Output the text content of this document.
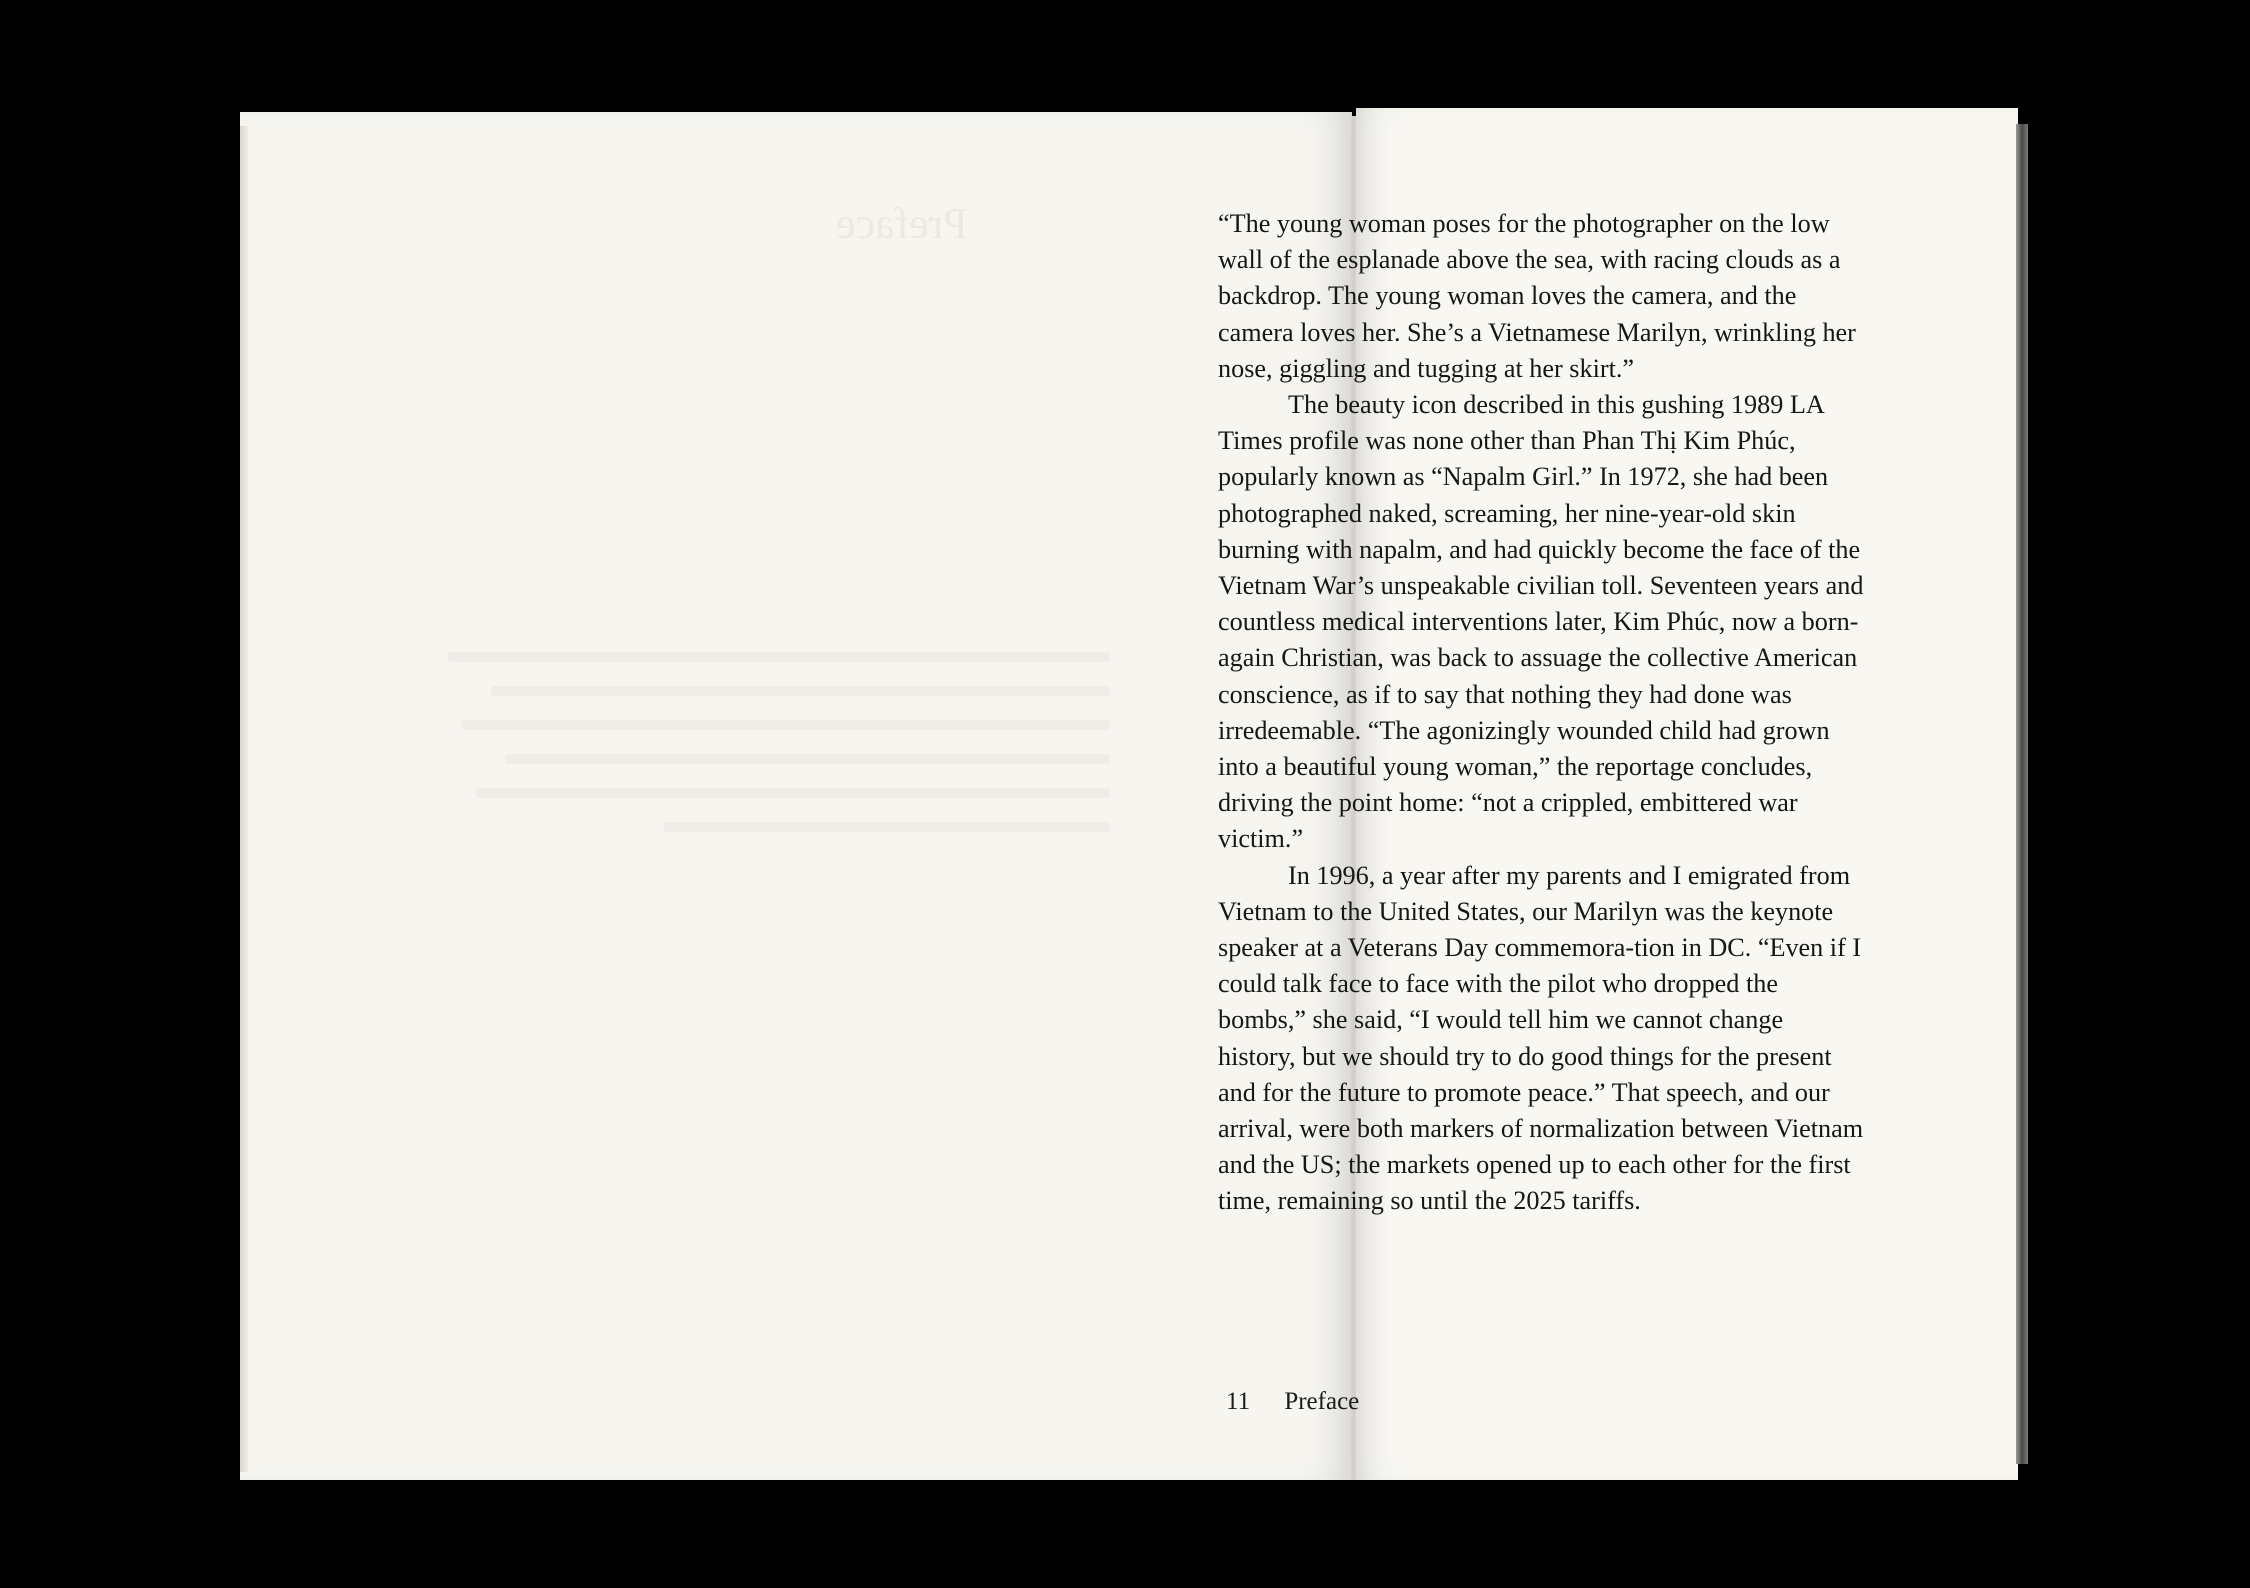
Preface	“The young woman poses for the photographer on the low wall of the esplanade above the sea, with racing clouds as a backdrop. The young woman loves the camera, and the camera loves her. She’s a Vietnamese Marilyn, wrinkling her nose, giggling and tugging at her skirt.”

The beauty icon described in this gushing 1989 LA Times profile was none other than Phan Thị Kim Phúc, popularly known as “Napalm Girl.” In 1972, she had been photographed naked, screaming, her nine-year-old skin burning with napalm, and had quickly become the face of the Vietnam War’s unspeakable civilian toll. Seventeen years and countless medical interventions later, Kim Phúc, now a born-again Christian, was back to assuage the collective American conscience, as if to say that nothing they had done was irredeemable. “The agonizingly wounded child had grown into a beautiful young woman,” the reportage concludes, driving the point home: “not a crippled, embittered war victim.”

In 1996, a year after my parents and I emigrated from Vietnam to the United States, our Marilyn was the keynote speaker at a Veterans Day commemora-tion in DC. “Even if I could talk face to face with the pilot who dropped the bombs,” she said, “I would tell him we cannot change history, but we should try to do good things for the present and for the future to promote peace.” That speech, and our arrival, were both markers of normalization between Vietnam and the US; the markets opened up to each other for the first time, remaining so until the 2025 tariffs.

11 Preface
